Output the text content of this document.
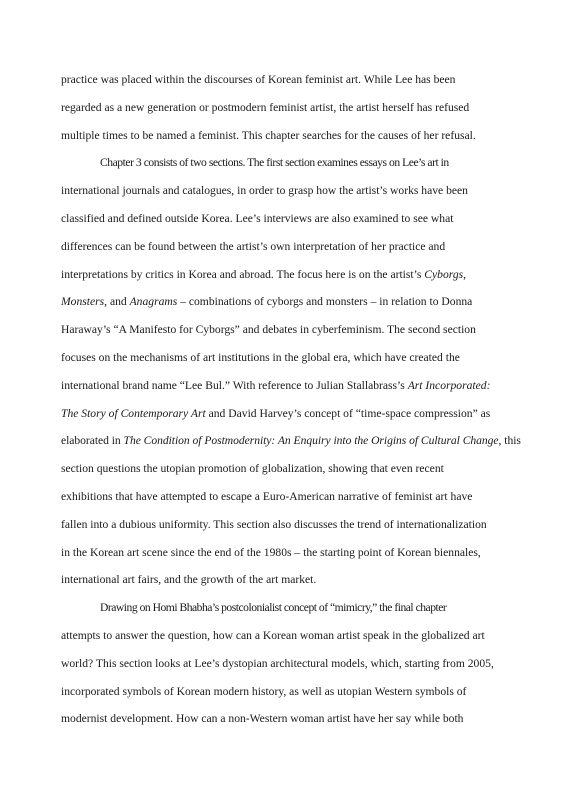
practice was placed within the discourses of Korean feminist art. While Lee has been
regarded as a new generation or postmodern feminist artist, the artist herself has refused
multiple times to be named a feminist. This chapter searches for the causes of her refusal.
Chapter 3 consists of two sections. The first section examines essays on Lee’s art in
international journals and catalogues, in order to grasp how the artist’s works have been
classified and defined outside Korea. Lee’s interviews are also examined to see what
differences can be found between the artist’s own interpretation of her practice and
interpretations by critics in Korea and abroad. The focus here is on the artist’s Cyborgs,
Monsters, and Anagrams – combinations of cyborgs and monsters – in relation to Donna
Haraway’s “A Manifesto for Cyborgs” and debates in cyberfeminism. The second section
focuses on the mechanisms of art institutions in the global era, which have created the
international brand name “Lee Bul.” With reference to Julian Stallabrass’s Art Incorporated:
The Story of Contemporary Art and David Harvey’s concept of “time-space compression” as
elaborated in The Condition of Postmodernity: An Enquiry into the Origins of Cultural Change, this
section questions the utopian promotion of globalization, showing that even recent
exhibitions that have attempted to escape a Euro-American narrative of feminist art have
fallen into a dubious uniformity. This section also discusses the trend of internationalization
in the Korean art scene since the end of the 1980s – the starting point of Korean biennales,
international art fairs, and the growth of the art market.
Drawing on Homi Bhabha’s postcolonialist concept of “mimicry,” the final chapter
attempts to answer the question, how can a Korean woman artist speak in the globalized art
world? This section looks at Lee’s dystopian architectural models, which, starting from 2005,
incorporated symbols of Korean modern history, as well as utopian Western symbols of
modernist development. How can a non-Western woman artist have her say while both
